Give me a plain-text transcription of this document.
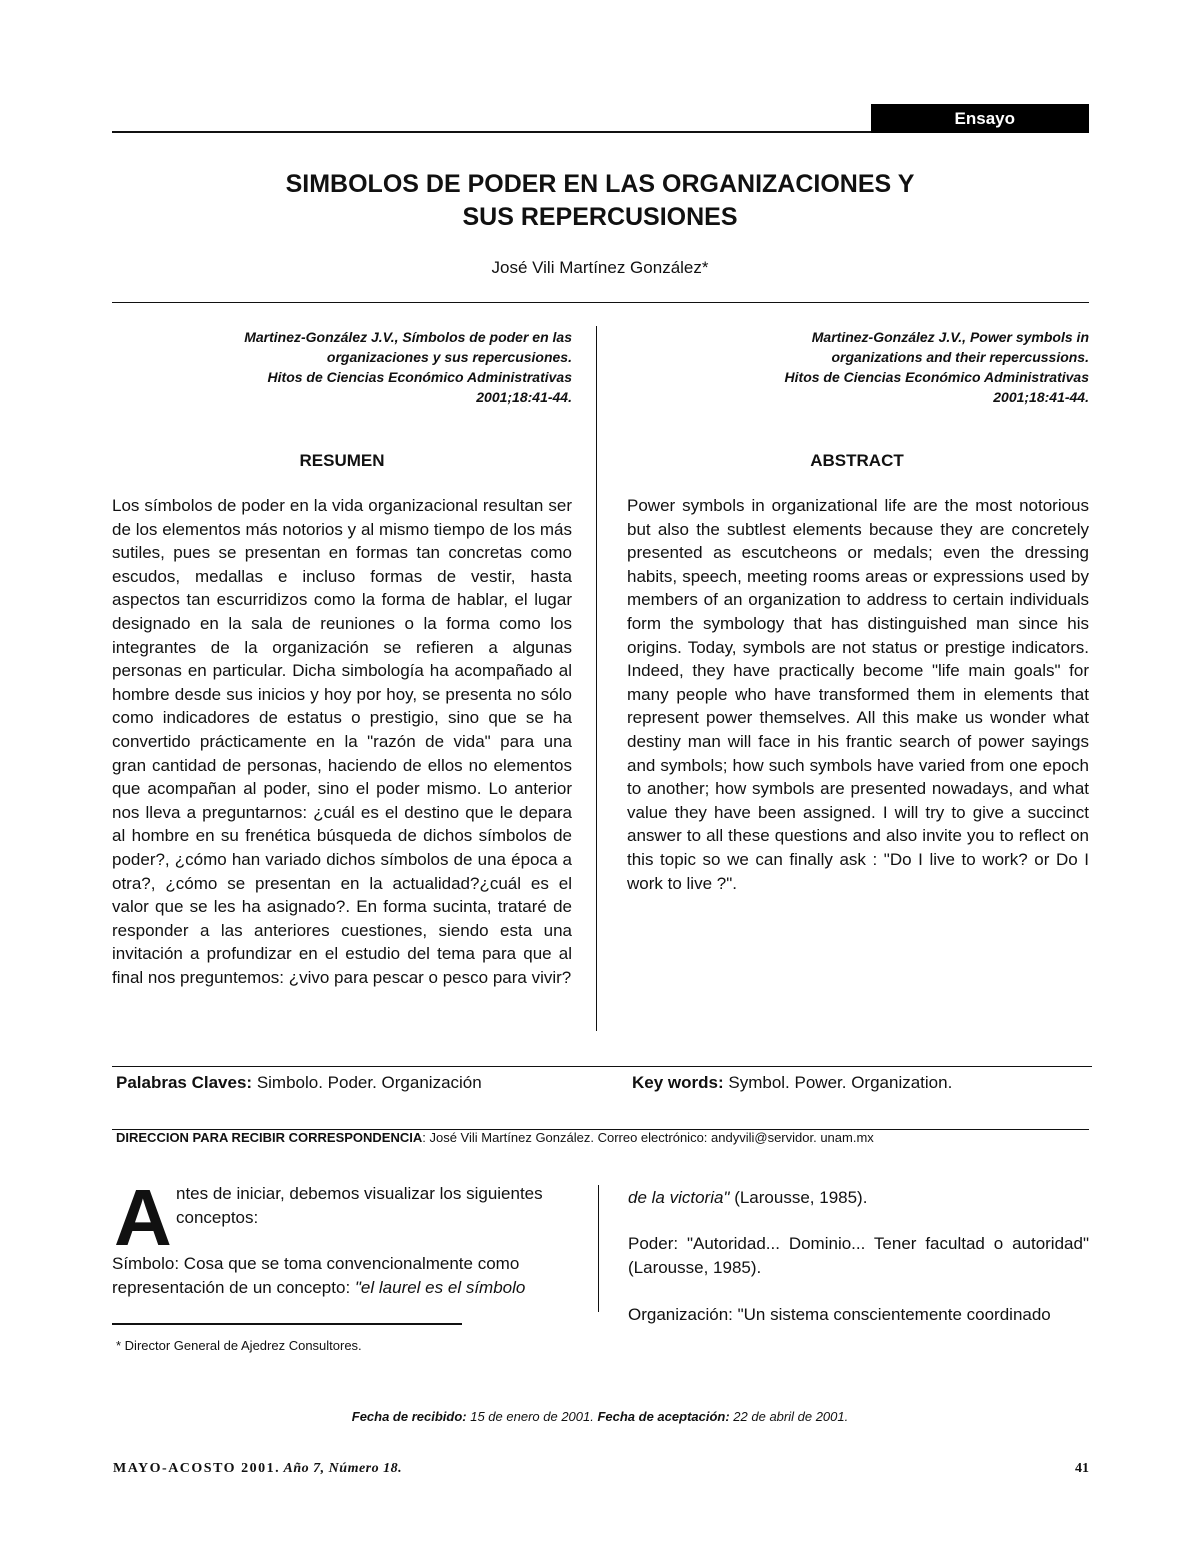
Ensayo
SIMBOLOS DE PODER EN LAS ORGANIZACIONES Y
SUS REPERCUSIONES
José Vili Martínez González*
Martinez-González J.V., Símbolos de poder en las
organizaciones y sus repercusiones.
Hitos de Ciencias Económico Administrativas
2001;18:41-44.
Martinez-González J.V., Power symbols in
organizations and their repercussions.
Hitos de Ciencias Económico Administrativas
2001;18:41-44.
RESUMEN	ABSTRACT

Los símbolos de poder en la vida organizacional resultan ser de los elementos más notorios y al mismo tiempo de los más sutiles, pues se presentan en formas tan concretas como escudos, medallas e incluso formas de vestir, hasta aspectos tan escurridizos como la forma de hablar, el lugar designado en la sala de reuniones o la forma como los integrantes de la organización se refieren a algunas personas en particular. Dicha simbología ha acompañado al hombre desde sus inicios y hoy por hoy, se presenta no sólo como indicadores de estatus o prestigio, sino que se ha convertido prácticamente en la "razón de vida" para una gran cantidad de personas, haciendo de ellos no elementos que acompañan al poder, sino el poder mismo. Lo anterior nos lleva a preguntarnos: ¿cuál es el destino que le depara al hombre en su frenética búsqueda de dichos símbolos de poder?, ¿cómo han variado dichos símbolos de una época a otra?, ¿cómo se presentan en la actualidad?¿cuál es el valor que se les ha asignado?. En forma sucinta, trataré de responder a las anteriores cuestiones, siendo esta una invitación a profundizar en el estudio del tema para que al final nos preguntemos: ¿vivo para pescar o pesco para vivir?

Power symbols in organizational life are the most notorious but also the subtlest elements because they are concretely presented as escutcheons or medals; even the dressing habits, speech, meeting rooms areas or expressions used by members of an organization to address to certain individuals form the symbology that has distinguished man since his origins. Today, symbols are not status or prestige indicators. Indeed, they have practically become "life main goals" for many people who have transformed them in elements that represent power themselves. All this make us wonder what destiny man will face in his frantic search of power sayings and symbols; how such symbols have varied from one epoch to another; how symbols are presented nowadays, and what value they have been assigned. I will try to give a succinct answer to all these questions and also invite you to reflect on this topic so we can finally ask : "Do I live to work? or Do I work to live ?".

Palabras Claves: Simbolo. Poder. Organización	Key words: Symbol. Power. Organization.
DIRECCION PARA RECIBIR CORRESPONDENCIA: José Vili Martínez González. Correo electrónico: andyvili@servidor. unam.mx
A ntes de iniciar, debemos visualizar los siguientes conceptos:

Símbolo: Cosa que se toma convencionalmente como representación de un concepto: "el laurel es el símbolo

de la victoria" (Larousse, 1985).

Poder: "Autoridad... Dominio... Tener facultad o autoridad" (Larousse, 1985).

Organización: "Un sistema conscientemente coordinado

* Director General de Ajedrez Consultores.
Fecha de recibido: 15 de enero de 2001. Fecha de aceptación: 22 de abril de 2001.
MAYO-ACOSTO 2001. Año 7, Número 18.	41
